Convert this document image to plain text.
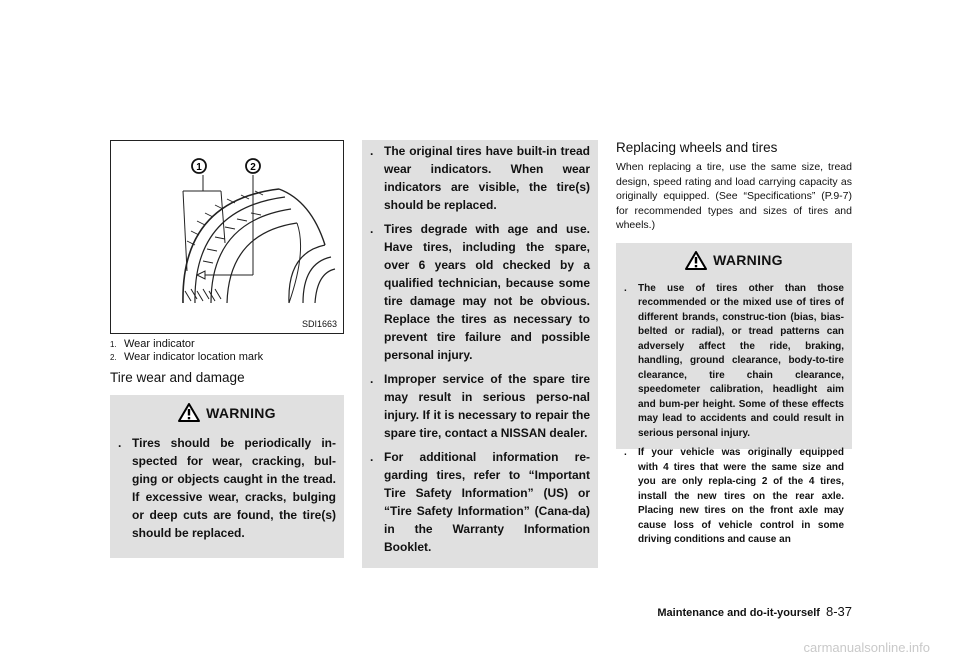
1	2
SDI1663
1. Wear indicator
2. Wear indicator location mark
Tire wear and damage
WARNING
. Tires should be periodically in-spected for wear, cracking, bul-ging or objects caught in the tread. If excessive wear, cracks, bulging or deep cuts are found, the tire(s) should be replaced.
. The original tires have built-in tread wear indicators. When wear indicators are visible, the tire(s) should be replaced.
. Tires degrade with age and use. Have tires, including the spare, over 6 years old checked by a qualified technician, because some tire damage may not be obvious. Replace the tires as necessary to prevent tire failure and possible personal injury.
. Improper service of the spare tire may result in serious perso-nal injury. If it is necessary to repair the spare tire, contact a NISSAN dealer.
. For additional information re-garding tires, refer to “Important Tire Safety Information” (US) or “Tire Safety Information” (Cana-da) in the Warranty Information Booklet.
Replacing wheels and tires
When replacing a tire, use the same size, tread design, speed rating and load carrying capacity as originally equipped. (See “Specifications” (P.9-7) for recommended types and sizes of tires and wheels.)
WARNING
.	The use of tires other than those recommended or the mixed use of tires of different brands, construc-tion (bias, bias-belted or radial), or tread patterns can adversely affect the ride, braking, handling, ground clearance, body-to-tire clearance, tire chain clearance, speedometer calibration, headlight aim and bum-per height. Some of these effects may lead to accidents and could result in serious personal injury.
.	If your vehicle was originally equipped with 4 tires that were the same size and you are only repla-cing 2 of the 4 tires, install the new tires on the rear axle. Placing new tires on the front axle may cause loss of vehicle control in some driving conditions and cause an
Maintenance and do-it-yourself 8-37
carmanualsonline.info
